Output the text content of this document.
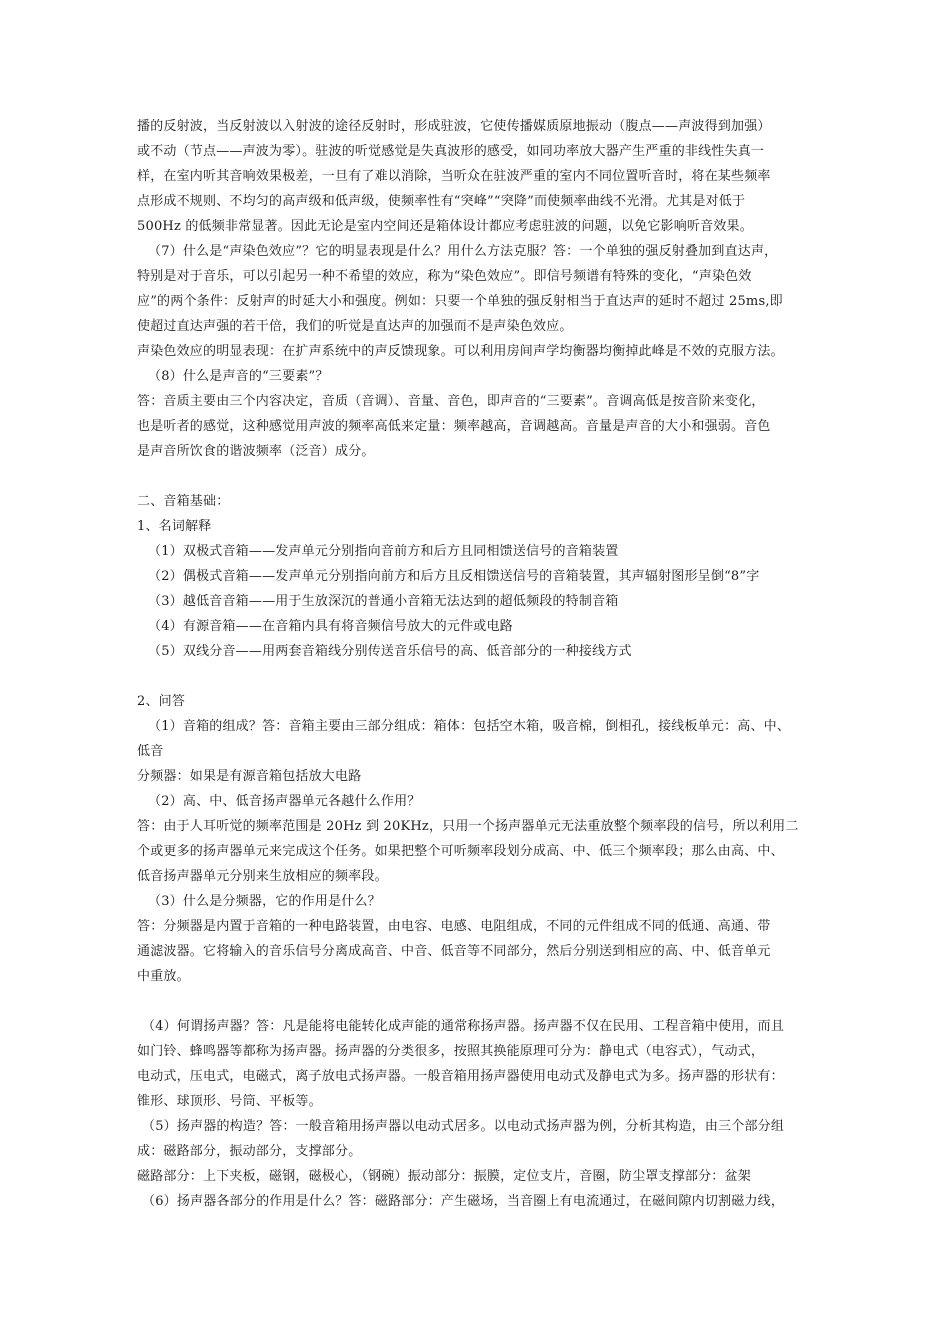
播的反射波，当反射波以入射波的途径反射时，形成驻波，它使传播媒质原地振动（腹点——声波得到加强）
或不动（节点——声波为零）。驻波的听觉感觉是失真波形的感受，如同功率放大器产生严重的非线性失真一
样，在室内听其音响效果极差，一旦有了难以消除，当听众在驻波严重的室内不同位置听音时，将在某些频率
点形成不规则、不均匀的高声级和低声级，使频率性有“突峰”“突降”而使频率曲线不光滑。尤其是对低于
500Hz 的低频非常显著。因此无论是室内空间还是箱体设计都应考虑驻波的问题，以免它影响听音效果。
（7）什么是“声染色效应”？它的明显表现是什么？用什么方法克服？答：一个单独的强反射叠加到直达声，
特别是对于音乐，可以引起另一种不希望的效应，称为“染色效应”。即信号频谱有特殊的变化，“声染色效
应”的两个条件：反射声的时延大小和强度。例如：只要一个单独的强反射相当于直达声的延时不超过 25ms,即
使超过直达声强的若干倍，我们的听觉是直达声的加强而不是声染色效应。
声染色效应的明显表现：在扩声系统中的声反馈现象。可以利用房间声学均衡器均衡掉此峰是不效的克服方法。
（8）什么是声音的“三要素”？
答：音质主要由三个内容决定，音质（音调）、音量、音色，即声音的“三要素”。音调高低是按音阶来变化，
也是听者的感觉，这种感觉用声波的频率高低来定量：频率越高，音调越高。音量是声音的大小和强弱。音色
是声音所饮食的谐波频率（泛音）成分。
二、音箱基础：
1、名词解释
（1）双极式音箱——发声单元分别指向音前方和后方且同相馈送信号的音箱装置
（2）偶极式音箱——发声单元分别指向前方和后方且反相馈送信号的音箱装置，其声辐射图形呈倒“8”字
（3）越低音音箱——用于生放深沉的普通小音箱无法达到的超低频段的特制音箱
（4）有源音箱——在音箱内具有将音频信号放大的元件或电路
（5）双线分音——用两套音箱线分别传送音乐信号的高、低音部分的一种接线方式
2、问答
（1）音箱的组成？答：音箱主要由三部分组成：箱体：包括空木箱，吸音棉，倒相孔，接线板单元：高、中、
低音
分频器：如果是有源音箱包括放大电路
（2）高、中、低音扬声器单元各越什么作用？
答：由于人耳听觉的频率范围是 20Hz 到 20KHz，只用一个扬声器单元无法重放整个频率段的信号，所以利用二
个或更多的扬声器单元来完成这个任务。如果把整个可听频率段划分成高、中、低三个频率段；那么由高、中、
低音扬声器单元分别来生放相应的频率段。
（3）什么是分频器，它的作用是什么？
答：分频器是内置于音箱的一种电路装置，由电容、电感、电阻组成，不同的元件组成不同的低通、高通、带
通滤波器。它将输入的音乐信号分离成高音、中音、低音等不同部分，然后分别送到相应的高、中、低音单元
中重放。
（4）何谓扬声器？答：凡是能将电能转化成声能的通常称扬声器。扬声器不仅在民用、工程音箱中使用，而且
如门铃、蜂鸣器等都称为扬声器。扬声器的分类很多，按照其换能原理可分为：静电式（电容式），气动式，
电动式，压电式，电磁式，离子放电式扬声器。一般音箱用扬声器使用电动式及静电式为多。扬声器的形状有：
锥形、球顶形、号筒、平板等。
（5）扬声器的构造？答：一般音箱用扬声器以电动式居多。以电动式扬声器为例，分析其构造，由三个部分组
成：磁路部分，振动部分，支撑部分。
磁路部分：上下夹板，磁钢，磁极心，（钢碗）振动部分：振膜，定位支片，音圈，防尘罩支撑部分：盆架
（6）扬声器各部分的作用是什么？答：磁路部分：产生磁场，当音圈上有电流通过，在磁间隙内切割磁力线，
